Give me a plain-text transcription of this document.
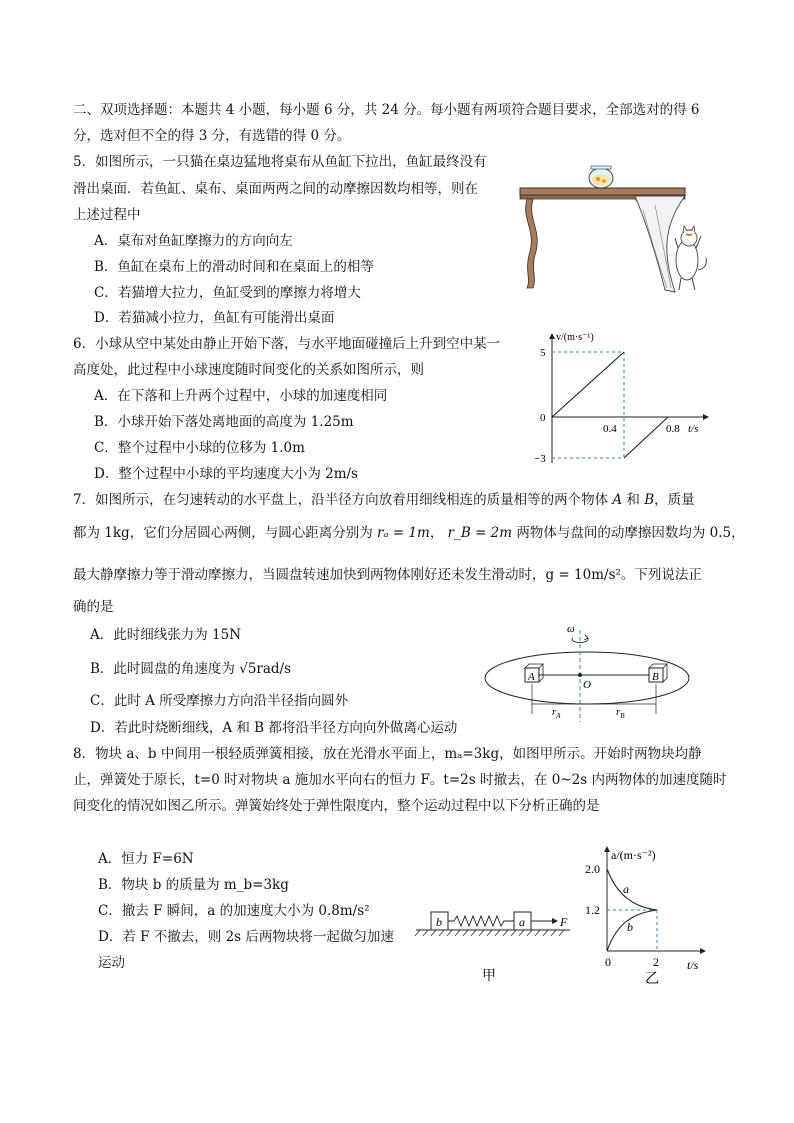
二、双项选择题：本题共 4 小题，每小题 6 分，共 24 分。每小题有两项符合题目要求，全部选对的得 6
分，选对但不全的得 3 分，有选错的得 0 分。
5．如图所示，一只猫在桌边猛地将桌布从鱼缸下拉出，鱼缸最终没有
滑出桌面．若鱼缸、桌布、桌面两两之间的动摩擦因数均相等，则在
上述过程中
A．桌布对鱼缸摩擦力的方向向左
B．鱼缸在桌布上的滑动时间和在桌面上的相等
C．若猫增大拉力，鱼缸受到的摩擦力将增大
D．若猫减小拉力，鱼缸有可能滑出桌面
6．小球从空中某处由静止开始下落，与水平地面碰撞后上升到空中某一
高度处，此过程中小球速度随时间变化的关系如图所示，则
A．在下落和上升两个过程中，小球的加速度相同
B．小球开始下落处离地面的高度为 1.25m
C．整个过程中小球的位移为 1.0m
D．整个过程中小球的平均速度大小为 2m/s
v/(m·s⁻¹)
5
0
−3
0.4	0.8 t/s
7．如图所示，在匀速转动的水平盘上，沿半径方向放着用细线相连的质量相等的两个物体 A 和 B，质量
都为 1kg，它们分居圆心两侧，与圆心距离分别为 rₐ = 1m， r_B = 2m 两物体与盘间的动摩擦因数均为 0.5，
最大静摩擦力等于滑动摩擦力，当圆盘转速加快到两物体刚好还未发生滑动时，g = 10m/s²。下列说法正
确的是
A．此时细线张力为 15N
B．此时圆盘的角速度为 √5rad/s
C．此时 A 所受摩擦力方向沿半径指向圆外
D．若此时烧断细线，A 和 B 都将沿半径方向向外做离心运动
ω
A	B
O
$r_A$	$r_B$
8．物块 a、b 中间用一根轻质弹簧相接，放在光滑水平面上，mₐ=3kg，如图甲所示。开始时两物块均静
止，弹簧处于原长，t=0 时对物块 a 施加水平向右的恒力 F。t=2s 时撤去，在 0~2s 内两物体的加速度随时
间变化的情况如图乙所示。弹簧始终处于弹性限度内，整个运动过程中以下分析正确的是
A．恒力 F=6N
B．物块 b 的质量为 m_b=3kg
C．撤去 F 瞬间，a 的加速度大小为 0.8m/s²
D．若 F 不撤去，则 2s 后两物块将一起做匀加速
运动
b	a	F
甲
a/(m·s⁻²)
2.0
1.2
0	2 t/s
a
b
乙
